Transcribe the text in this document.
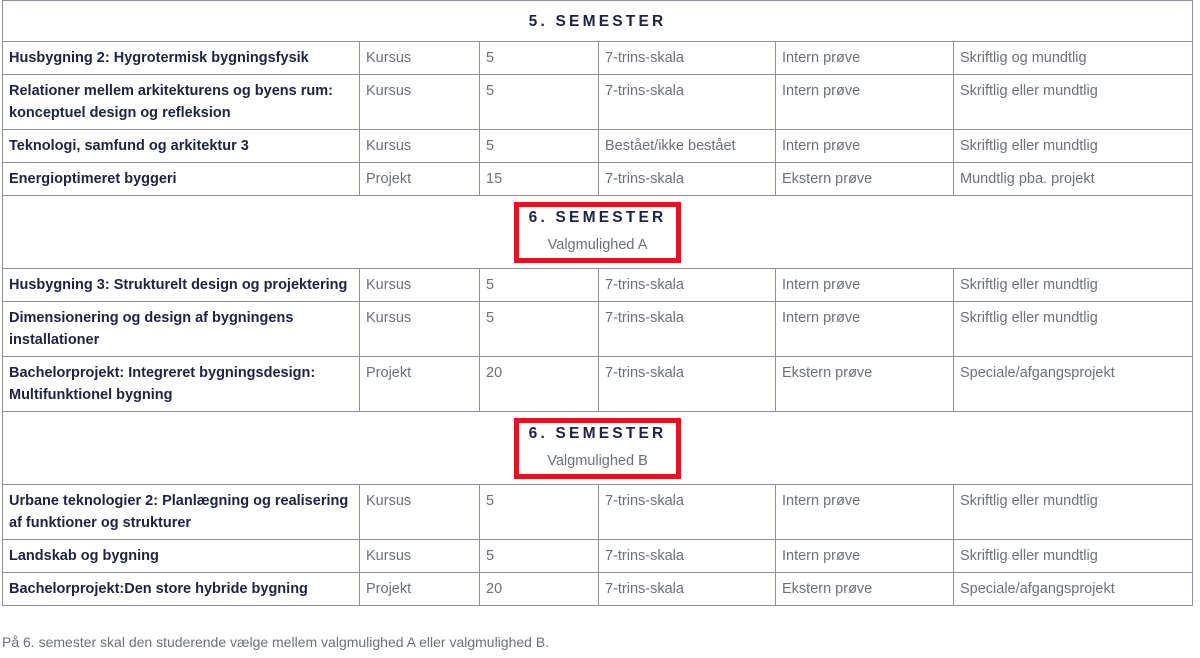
5. SEMESTER					

Husbygning 2: Hygrotermisk bygningsfysik	Kursus	5	7-trins-skala	Intern prøve	Skriftlig og mundtlig
Relationer mellem arkitekturens og byens rum: konceptuel design og refleksion	Kursus	5	7-trins-skala	Intern prøve	Skriftlig eller mundtlig
Teknologi, samfund og arkitektur 3	Kursus	5	Bestået/ikke bestået	Intern prøve	Skriftlig eller mundtlig
Energioptimeret byggeri	Projekt	15	7-trins-skala	Ekstern prøve	Mundtlig pba. projekt

6. SEMESTER
Valgmulighed A					

Husbygning 3: Strukturelt design og projektering	Kursus	5	7-trins-skala	Intern prøve	Skriftlig eller mundtlig
Dimensionering og design af bygningens installationer	Kursus	5	7-trins-skala	Intern prøve	Skriftlig eller mundtlig
Bachelorprojekt: Integreret bygningsdesign: Multifunktionel bygning	Projekt	20	7-trins-skala	Ekstern prøve	Speciale/afgangsprojekt

6. SEMESTER
Valgmulighed B					

Urbane teknologier 2: Planlægning og realisering af funktioner og strukturer	Kursus	5	7-trins-skala	Intern prøve	Skriftlig eller mundtlig
Landskab og bygning	Kursus	5	7-trins-skala	Intern prøve	Skriftlig eller mundtlig
Bachelorprojekt:Den store hybride bygning	Projekt	20	7-trins-skala	Ekstern prøve	Speciale/afgangsprojekt

På 6. semester skal den studerende vælge mellem valgmulighed A eller valgmulighed B.
